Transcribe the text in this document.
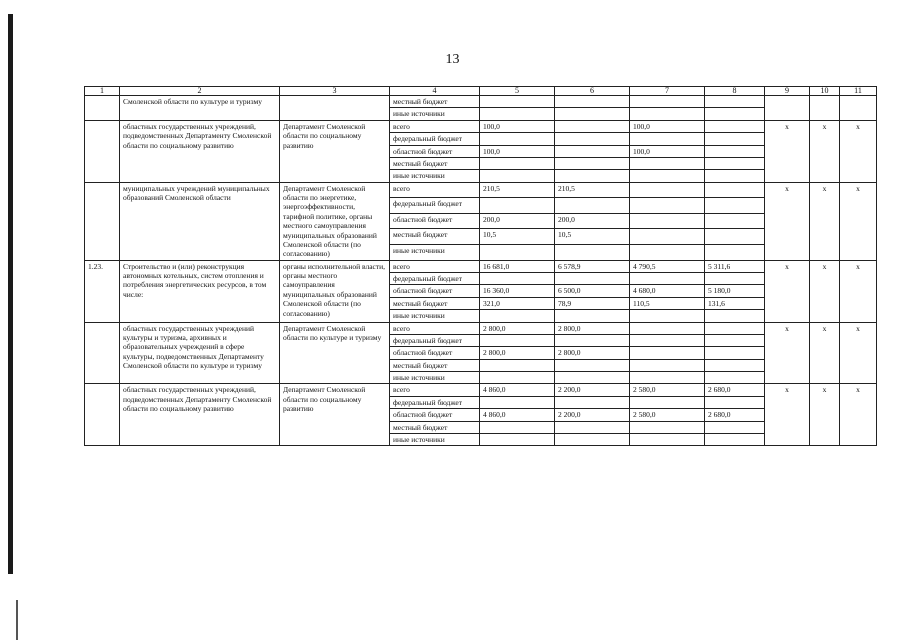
13
1	2	3	4	5	6	7	8	9	10	11
	Смоленской области по культуре и туризму		местный бюджет							
			иные источники							
	областных государственных учреждений, подведомственных Департаменту Смоленской области по социальному развитию	Департамент Смоленской области по социальному развитию	всего	100,0		100,0		x	x	x
			федеральный бюджет							
			областной бюджет	100,0		100,0				
			местный бюджет							
			иные источники							
	муниципальных учреждений муниципальных образований Смоленской области	Департамент Смоленской области по энергетике, энергоэффективности, тарифной политике, органы местного самоуправления муниципальных образований Смоленской области (по согласованию)	всего	210,5	210,5			x	x	x
			федеральный бюджет							
			областной бюджет	200,0	200,0					
			местный бюджет	10,5	10,5					
			иные источники							
1.23.	Строительство и (или) реконструкция автономных котельных, систем отопления и потребления энергетических ресурсов, в том числе:	органы исполнительной власти, органы местного самоуправления муниципальных образований Смоленской области (по согласованию)	всего	16 681,0	6 578,9	4 790,5	5 311,6	x	x	x
			федеральный бюджет							
			областной бюджет	16 360,0	6 500,0	4 680,0	5 180,0			
			местный бюджет	321,0	78,9	110,5	131,6			
			иные источники							
	областных государственных учреждений культуры и туризма, архивных и образовательных учреждений в сфере культуры, подведомственных Департаменту Смоленской области по культуре и туризму	Департамент Смоленской области по культуре и туризму	всего	2 800,0	2 800,0			x	x	x
			федеральный бюджет							
			областной бюджет	2 800,0	2 800,0					
			местный бюджет							
			иные источники							
	областных государственных учреждений, подведомственных Департаменту Смоленской области по социальному развитию	Департамент Смоленской области по социальному развитию	всего	4 860,0	2 200,0	2 580,0	2 680,0	x	x	x
			федеральный бюджет							
			областной бюджет	4 860,0	2 200,0	2 580,0	2 680,0			
			местный бюджет							
			иные источники							
